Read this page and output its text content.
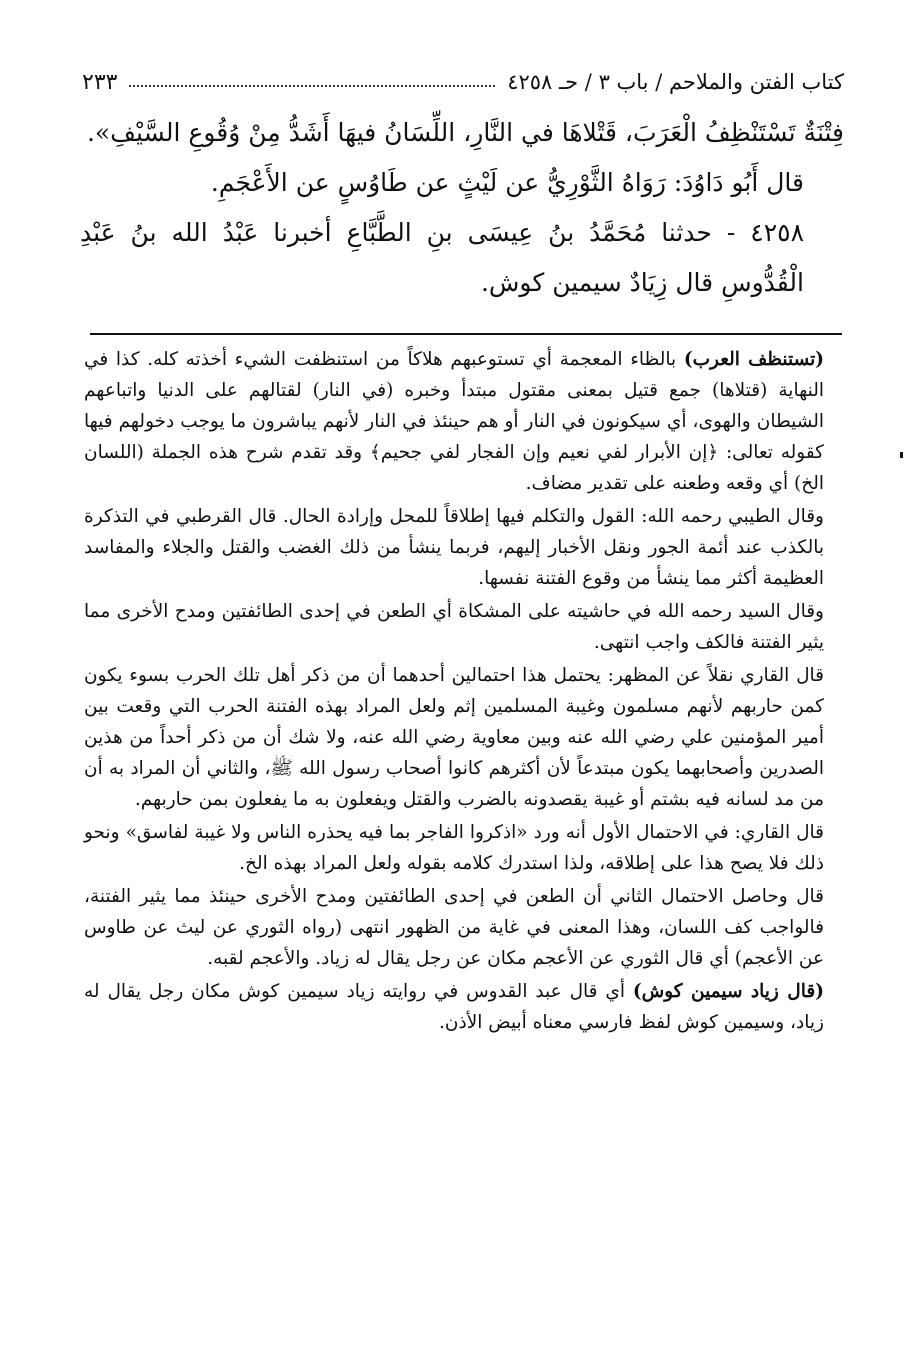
كتاب الفتن والملاحم / باب ٣ / حـ ٤٢٥٨
٢٣٣

فِتْنَةٌ تَسْتَنْظِفُ الْعَرَبَ، قَتْلاهَا في النَّارِ، اللِّسَانُ فيهَا أَشَدُّ مِنْ وُقُوعِ السَّيْفِ».

قال أَبُو دَاوُدَ: رَوَاهُ الثَّوْرِيُّ عن لَيْثٍ عن طَاوُسٍ عن الأَعْجَمِ.

٤٢٥٨ - حدثنا مُحَمَّدُ بنُ عِيسَى بنِ الطَّبَّاعِ أخبرنا عَبْدُ الله بنُ عَبْدِ الْقُدُّوسِ قال زِيَادٌ سيمين كوش.

(تستنظف العرب) بالظاء المعجمة أي تستوعبهم هلاكاً من استنظفت الشيء أخذته كله. كذا في النهاية (قتلاها) جمع قتيل بمعنى مقتول مبتدأ وخبره (في النار) لقتالهم على الدنيا واتباعهم الشيطان والهوى، أي سيكونون في النار أو هم حينئذ في النار لأنهم يباشرون ما يوجب دخولهم فيها كقوله تعالى: ﴿إن الأبرار لفي نعيم وإن الفجار لفي جحيم﴾ وقد تقدم شرح هذه الجملة (اللسان الخ) أي وقعه وطعنه على تقدير مضاف.

وقال الطيبي رحمه الله: القول والتكلم فيها إطلاقاً للمحل وإرادة الحال. قال القرطبي في التذكرة بالكذب عند أئمة الجور ونقل الأخبار إليهم، فربما ينشأ من ذلك الغضب والقتل والجلاء والمفاسد العظيمة أكثر مما ينشأ من وقوع الفتنة نفسها.

وقال السيد رحمه الله في حاشيته على المشكاة أي الطعن في إحدى الطائفتين ومدح الأخرى مما يثير الفتنة فالكف واجب انتهى.

قال القاري نقلاً عن المظهر: يحتمل هذا احتمالين أحدهما أن من ذكر أهل تلك الحرب بسوء يكون كمن حاربهم لأنهم مسلمون وغيبة المسلمين إثم ولعل المراد بهذه الفتنة الحرب التي وقعت بين أمير المؤمنين علي رضي الله عنه وبين معاوية رضي الله عنه، ولا شك أن من ذكر أحداً من هذين الصدرين وأصحابهما يكون مبتدعاً لأن أكثرهم كانوا أصحاب رسول الله ﷺ، والثاني أن المراد به أن من مد لسانه فيه بشتم أو غيبة يقصدونه بالضرب والقتل ويفعلون به ما يفعلون بمن حاربهم.

قال القاري: في الاحتمال الأول أنه ورد «اذكروا الفاجر بما فيه يحذره الناس ولا غيبة لفاسق» ونحو ذلك فلا يصح هذا على إطلاقه، ولذا استدرك كلامه بقوله ولعل المراد بهذه الخ.

قال وحاصل الاحتمال الثاني أن الطعن في إحدى الطائفتين ومدح الأخرى حينئذ مما يثير الفتنة، فالواجب كف اللسان، وهذا المعنى في غاية من الظهور انتهى (رواه الثوري عن ليث عن طاوس عن الأعجم) أي قال الثوري عن الأعجم مكان عن رجل يقال له زياد. والأعجم لقبه.

(قال زياد سيمين كوش) أي قال عبد القدوس في روايته زياد سيمين كوش مكان رجل يقال له زياد، وسيمين كوش لفظ فارسي معناه أبيض الأذن.
